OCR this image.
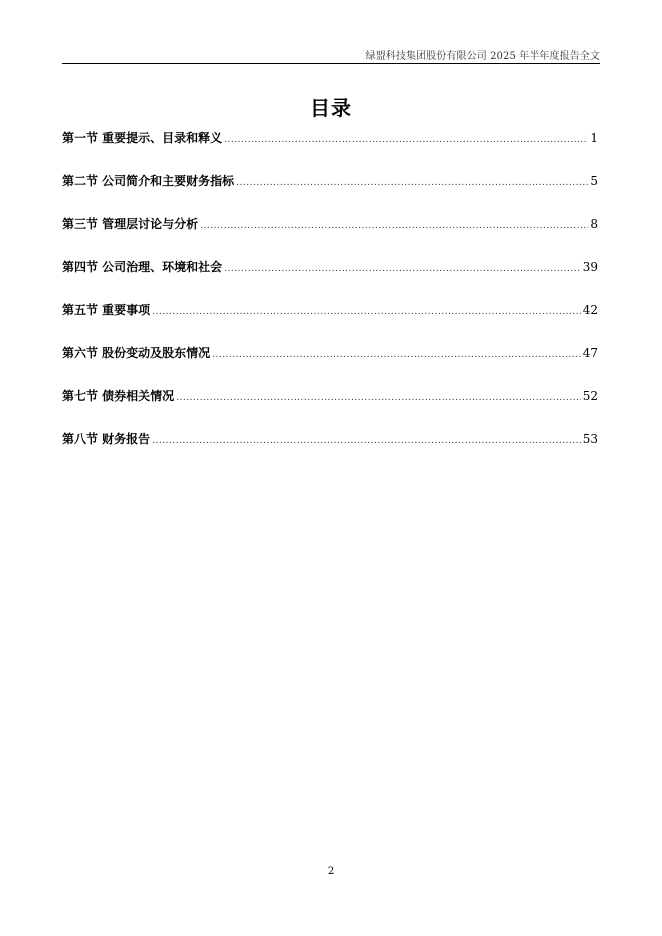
绿盟科技集团股份有限公司 2025 年半年度报告全文
目录
第一节 重要提示、目录和释义 .....	1
第二节 公司简介和主要财务指标 .....	5
第三节 管理层讨论与分析 .....	8
第四节 公司治理、环境和社会 .....	39
第五节 重要事项 .....	42
第六节 股份变动及股东情况 .....	47
第七节 债券相关情况 .....	52
第八节 财务报告 .....	53
2
